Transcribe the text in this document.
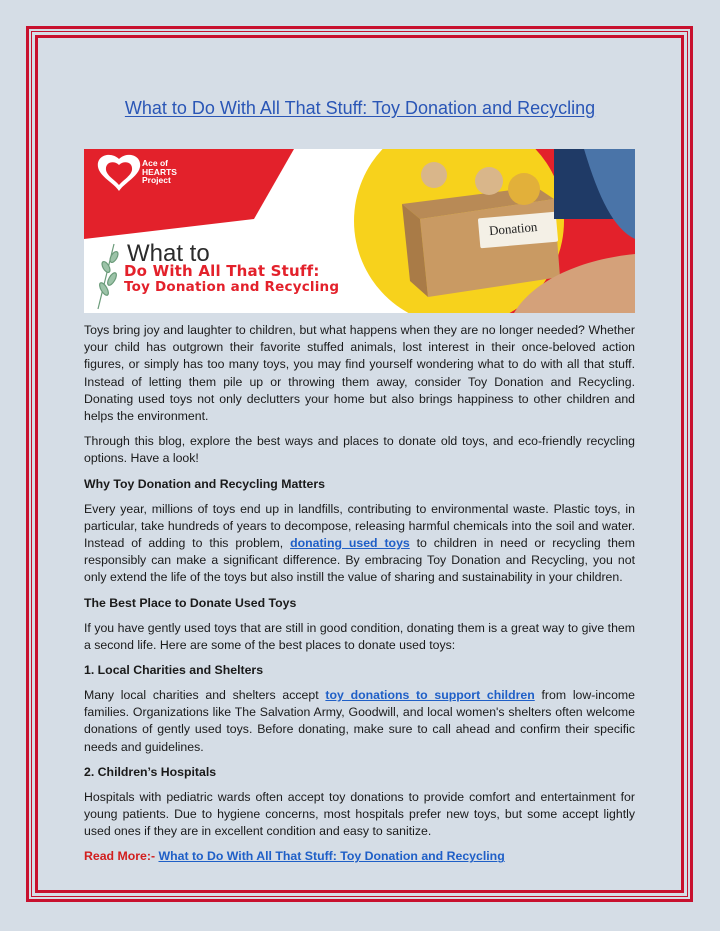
What to Do With All That Stuff: Toy Donation and Recycling
Ace of
HEARTS
Project
What to
Do With All That Stuff:
Toy Donation and Recycling
Donation

Toys bring joy and laughter to children, but what happens when they are no longer needed? Whether your child has outgrown their favorite stuffed animals, lost interest in their once-beloved action figures, or simply has too many toys, you may find yourself wondering what to do with all that stuff. Instead of letting them pile up or throwing them away, consider Toy Donation and Recycling. Donating used toys not only declutters your home but also brings happiness to other children and helps the environment.

Through this blog, explore the best ways and places to donate old toys, and eco-friendly recycling options. Have a look!

Why Toy Donation and Recycling Matters

Every year, millions of toys end up in landfills, contributing to environmental waste. Plastic toys, in particular, take hundreds of years to decompose, releasing harmful chemicals into the soil and water. Instead of adding to this problem, donating used toys to children in need or recycling them responsibly can make a significant difference. By embracing Toy Donation and Recycling, you not only extend the life of the toys but also instill the value of sharing and sustainability in your children.

The Best Place to Donate Used Toys

If you have gently used toys that are still in good condition, donating them is a great way to give them a second life. Here are some of the best places to donate used toys:

1. Local Charities and Shelters

Many local charities and shelters accept toy donations to support children from low-income families. Organizations like The Salvation Army, Goodwill, and local women's shelters often welcome donations of gently used toys. Before donating, make sure to call ahead and confirm their specific needs and guidelines.

2. Children’s Hospitals

Hospitals with pediatric wards often accept toy donations to provide comfort and entertainment for young patients. Due to hygiene concerns, most hospitals prefer new toys, but some accept lightly used ones if they are in excellent condition and easy to sanitize.

Read More:- What to Do With All That Stuff: Toy Donation and Recycling
